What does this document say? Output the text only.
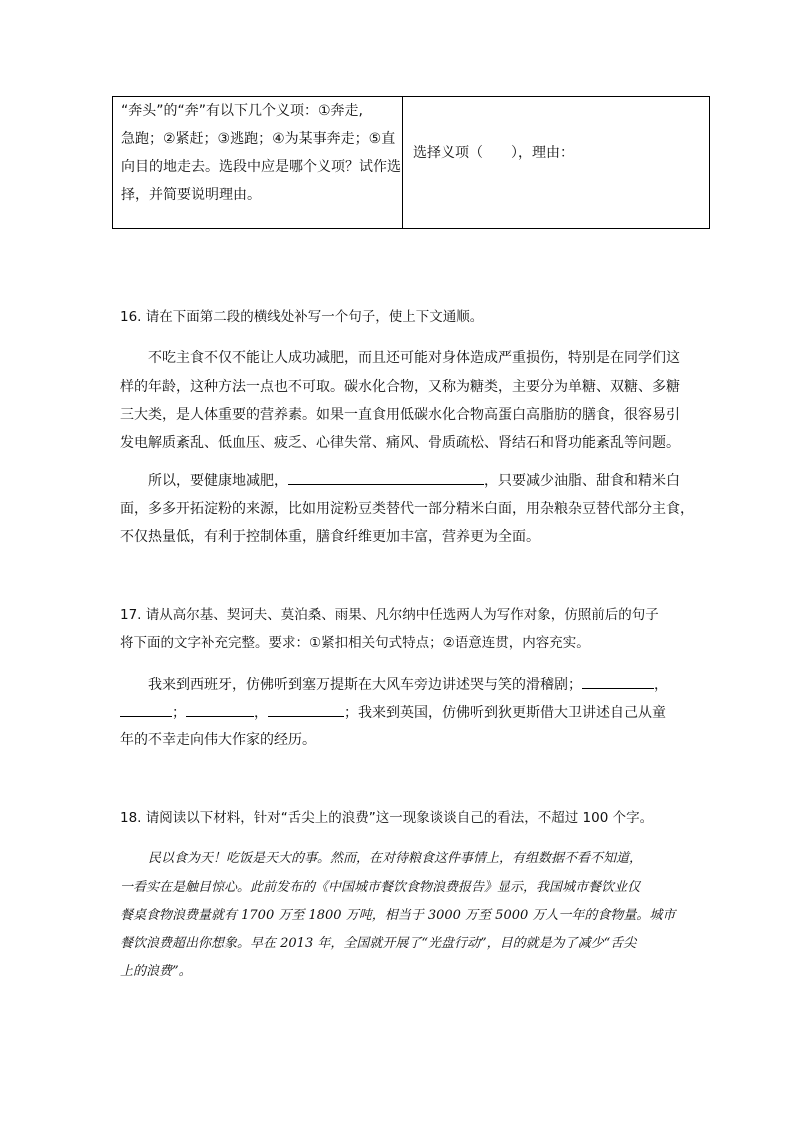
“奔头”的“奔”有以下几个义项：①奔走,
急跑；②紧赶；③逃跑；④为某事奔走；⑤直
向目的地走去。选段中应是哪个义项？试作选
择，并简要说明理由。
选择义项（　　），理由：
16. 请在下面第二段的横线处补写一个句子，使上下文通顺。
不吃主食不仅不能让人成功减肥，而且还可能对身体造成严重损伤，特别是在同学们这
样的年龄，这种方法一点也不可取。碳水化合物，又称为糖类，主要分为单糖、双糖、多糖
三大类，是人体重要的营养素。如果一直食用低碳水化合物高蛋白高脂肪的膳食，很容易引
发电解质紊乱、低血压、疲乏、心律失常、痛风、骨质疏松、肾结石和肾功能紊乱等问题。
所以，要健康地减肥，	，只要减少油脂、甜食和精米白
面，多多开拓淀粉的来源，比如用淀粉豆类替代一部分精米白面，用杂粮杂豆替代部分主食，
不仅热量低，有利于控制体重，膳食纤维更加丰富，营养更为全面。
17. 请从高尔基、契诃夫、莫泊桑、雨果、凡尔纳中任选两人为写作对象，仿照前后的句子
将下面的文字补充完整。要求：①紧扣相关句式特点；②语意连贯，内容充实。
我来到西班牙，仿佛听到塞万提斯在大风车旁边讲述哭与笑的滑稽剧；	，
；	，	；我来到英国，仿佛听到狄更斯借大卫讲述自己从童
年的不幸走向伟大作家的经历。
18. 请阅读以下材料，针对“舌尖上的浪费”这一现象谈谈自己的看法，不超过 100 个字。
民以食为天！吃饭是天大的事。然而，在对待粮食这件事情上，有组数据不看不知道，
一看实在是触目惊心。此前发布的《中国城市餐饮食物浪费报告》显示，我国城市餐饮业仅
餐桌食物浪费量就有 1700 万至 1800 万吨，相当于 3000 万至 5000 万人一年的食物量。城市
餐饮浪费超出你想象。早在 2013 年，全国就开展了“光盘行动”，目的就是为了减少“舌尖
上的浪费”。
